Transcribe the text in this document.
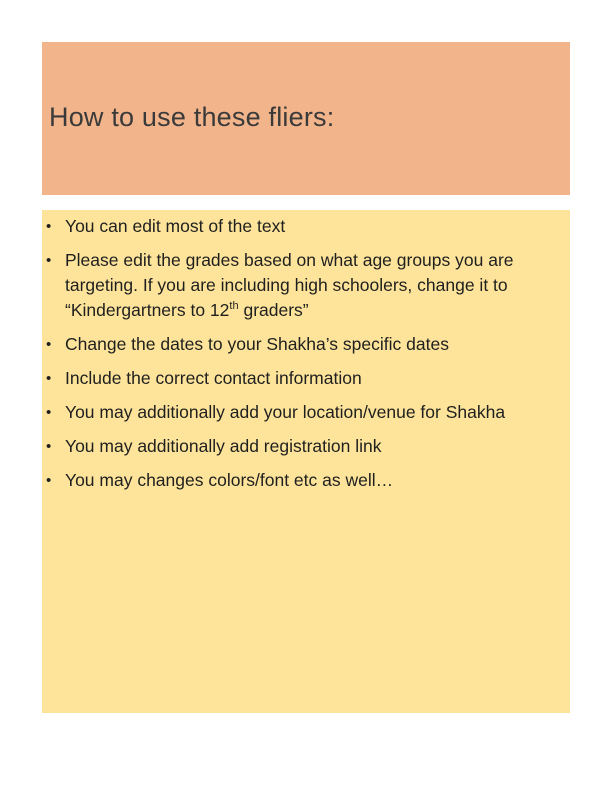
How to use these fliers:
• You can edit most of the text
• Please edit the grades based on what age groups you are targeting. If you are including high schoolers, change it to “Kindergartners to 12th graders”
• Change the dates to your Shakha’s specific dates
• Include the correct contact information
• You may additionally add your location/venue for Shakha
• You may additionally add registration link
• You may changes colors/font etc as well…
